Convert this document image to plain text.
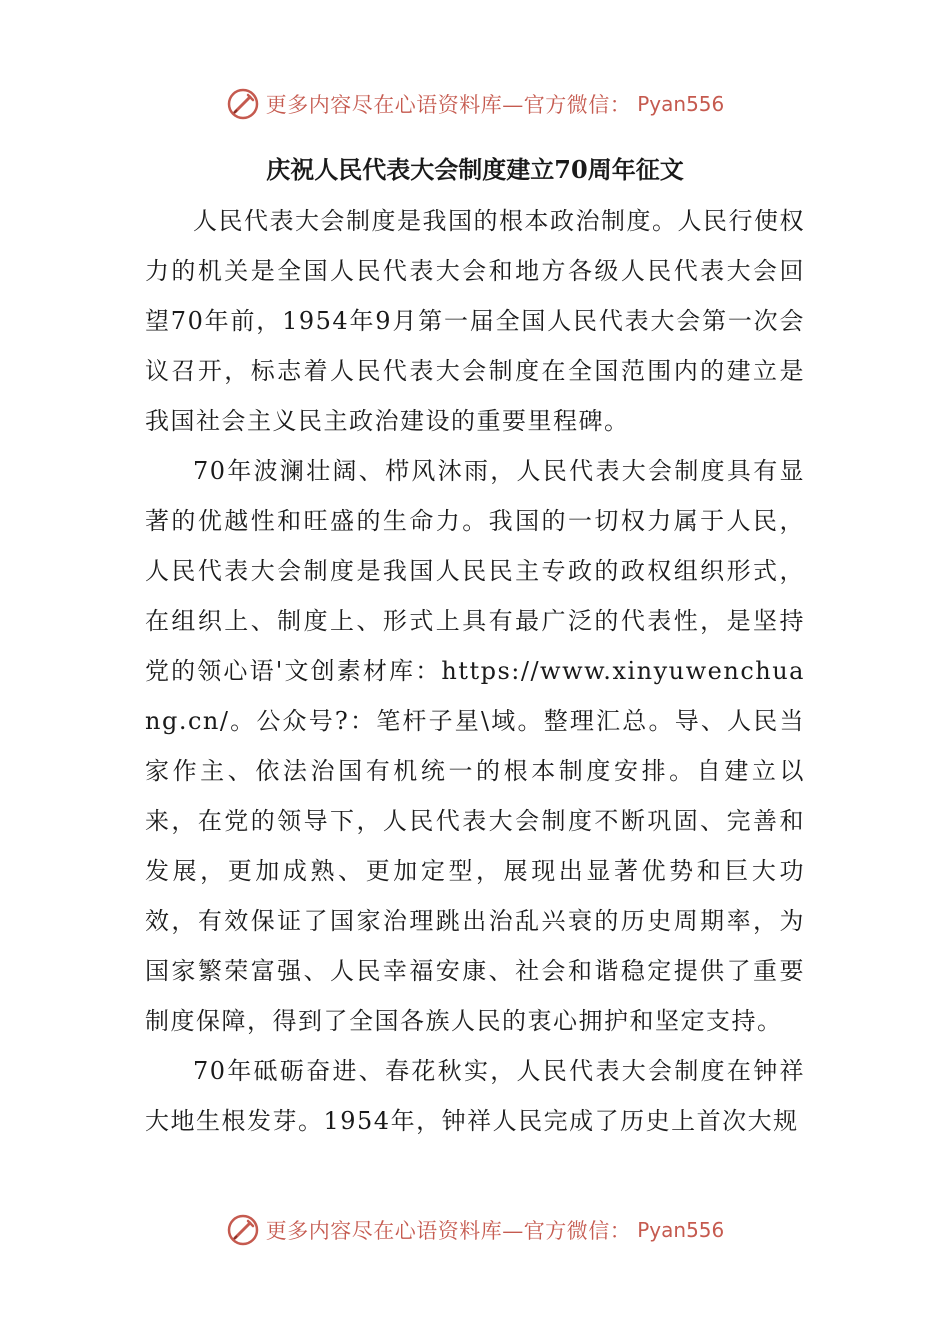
更多内容尽在心语资料库—官方微信： Pyan556
庆祝人民代表大会制度建立70周年征文

人民代表大会制度是我国的根本政治制度。人民行使权力的机关是全国人民代表大会和地方各级人民代表大会回望70年前，1954年9月第一届全国人民代表大会第一次会议召开，标志着人民代表大会制度在全国范围内的建立是我国社会主义民主政治建设的重要里程碑。

70年波澜壮阔、栉风沐雨，人民代表大会制度具有显著的优越性和旺盛的生命力。我国的一切权力属于人民，人民代表大会制度是我国人民民主专政的政权组织形式，在组织上、制度上、形式上具有最广泛的代表性，是坚持党的领心语'文创素材库：https://www.xinyuwenchuang.cn/。公众号?：笔杆子星\域。整理汇总。导、人民当家作主、依法治国有机统一的根本制度安排。自建立以来，在党的领导下，人民代表大会制度不断巩固、完善和发展，更加成熟、更加定型，展现出显著优势和巨大功效，有效保证了国家治理跳出治乱兴衰的历史周期率，为国家繁荣富强、人民幸福安康、社会和谐稳定提供了重要制度保障，得到了全国各族人民的衷心拥护和坚定支持。

70年砥砺奋进、春花秋实，人民代表大会制度在钟祥大地生根发芽。1954年，钟祥人民完成了历史上首次大规

更多内容尽在心语资料库—官方微信： Pyan556
